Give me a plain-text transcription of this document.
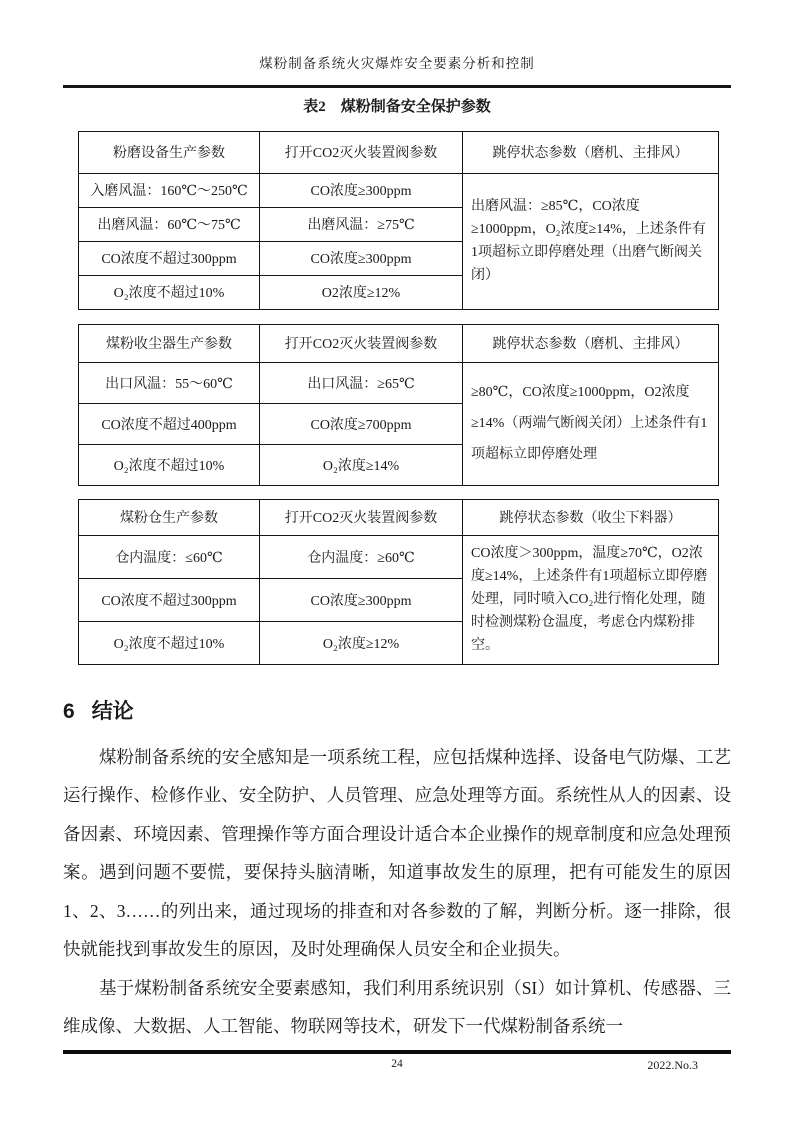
煤粉制备系统火灾爆炸安全要素分析和控制
表2　煤粉制备安全保护参数
粉磨设备生产参数	打开CO2灭火装置阀参数	跳停状态参数（磨机、主排风）
入磨风温：160℃～250℃	CO浓度≥300ppm	出磨风温：≥85℃，CO浓度≥1000ppm，O₂浓度≥14%，上述条件有1项超标立即停磨处理（出磨气断阀关闭）
出磨风温：60℃～75℃	出磨风温：≥75℃	
CO浓度不超过300ppm	CO浓度≥300ppm	
O₂浓度不超过10%	O2浓度≥12%	
煤粉收尘器生产参数	打开CO2灭火装置阀参数	跳停状态参数（磨机、主排风）
出口风温：55～60℃	出口风温：≥65℃	≥80℃，CO浓度≥1000ppm，O2浓度≥14%（两端气断阀关闭）上述条件有1项超标立即停磨处理
CO浓度不超过400ppm	CO浓度≥700ppm	
O₂浓度不超过10%	O₂浓度≥14%	
煤粉仓生产参数	打开CO2灭火装置阀参数	跳停状态参数（收尘下料器）
仓内温度：≤60℃	仓内温度：≥60℃	CO浓度＞300ppm，温度≥70℃，O2浓度≥14%，上述条件有1项超标立即停磨处理，同时喷入CO₂进行惰化处理，随时检测煤粉仓温度，考虑仓内煤粉排空。
CO浓度不超过300ppm	CO浓度≥300ppm	
O₂浓度不超过10%	O₂浓度≥12%	
6 结论

煤粉制备系统的安全感知是一项系统工程，应包括煤种选择、设备电气防爆、工艺运行操作、检修作业、安全防护、人员管理、应急处理等方面。系统性从人的因素、设备因素、环境因素、管理操作等方面合理设计适合本企业操作的规章制度和应急处理预案。遇到问题不要慌，要保持头脑清晰，知道事故发生的原理，把有可能发生的原因1、2、3……的列出来，通过现场的排查和对各参数的了解，判断分析。逐一排除，很快就能找到事故发生的原因，及时处理确保人员安全和企业损失。

基于煤粉制备系统安全要素感知，我们利用系统识别（SI）如计算机、传感器、三维成像、大数据、人工智能、物联网等技术，研发下一代煤粉制备系统一

24	2022.No.3
